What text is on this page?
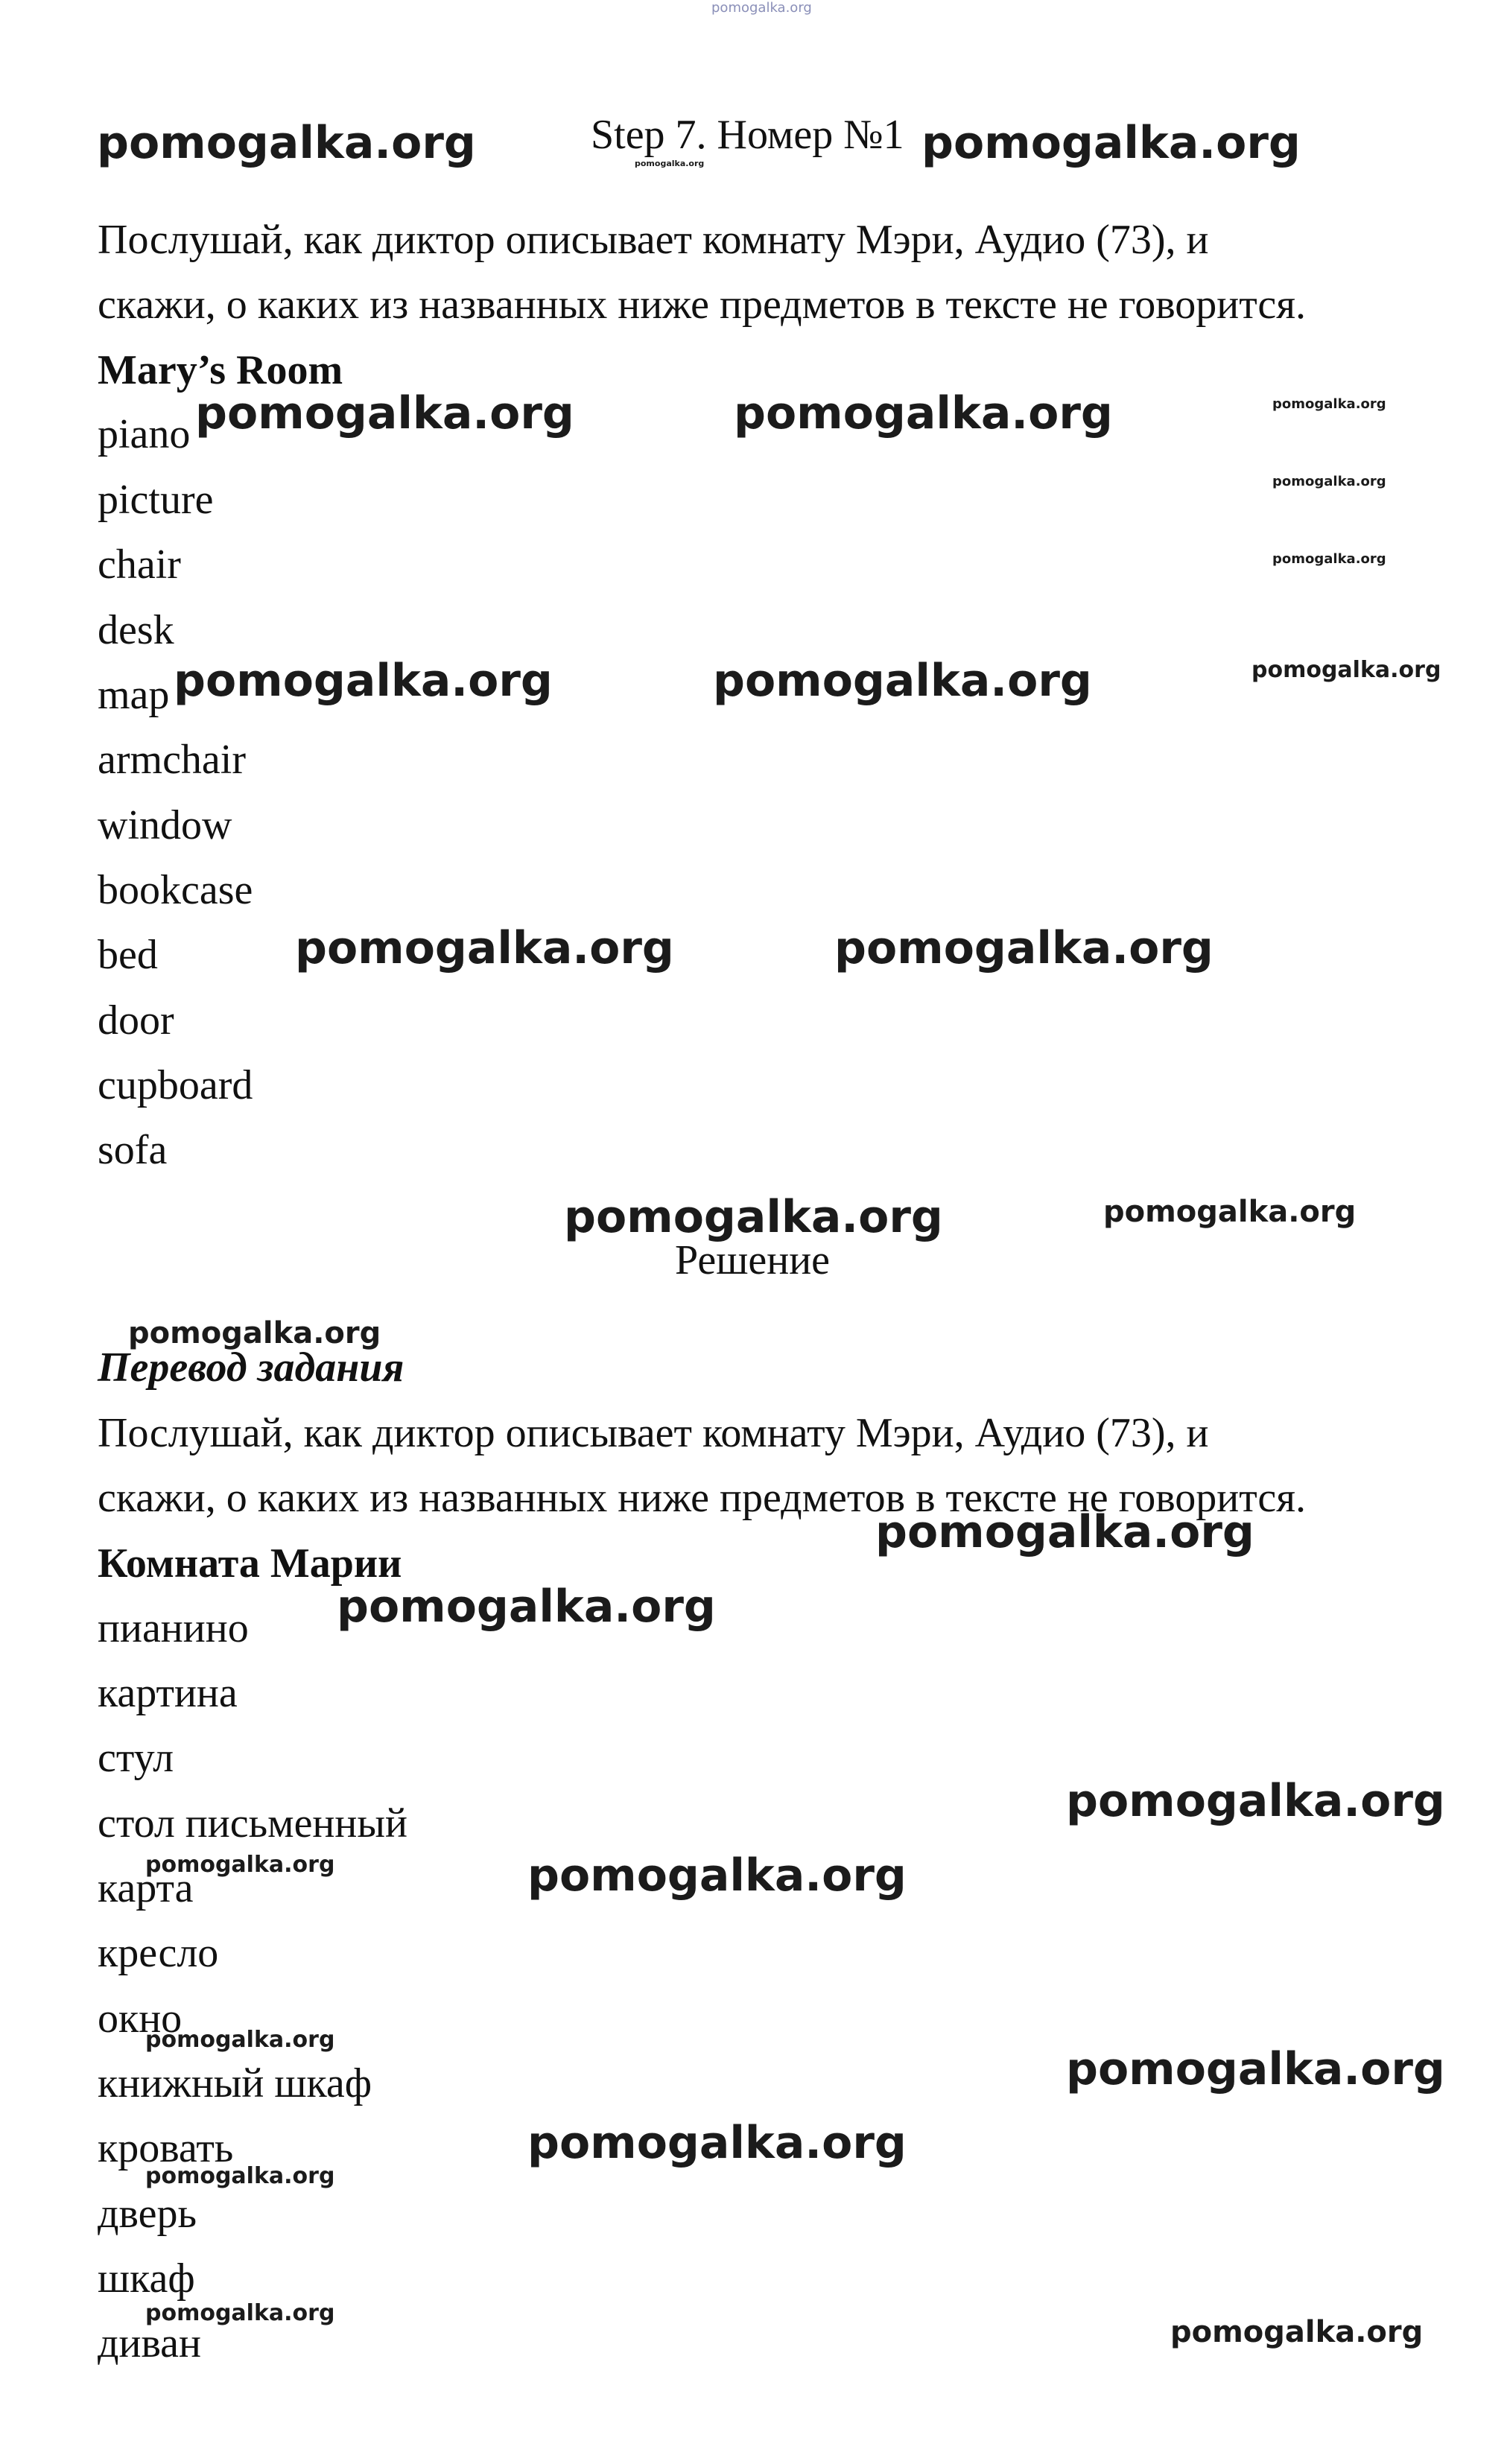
pomogalka.org
pomogalka.org	Step 7. Номер №1 pomogalka.org
pomogalka.org
Послушай, как диктор описывает комнату Мэри, Аудио (73), и
скажи, о каких из названных ниже предметов в тексте не говорится.
Mary’s Room
piano
picture
chair
desk
map
armchair
window
bookcase
bed
door
cupboard
sofa
pomogalka.org	pomogalka.org	pomogalka.org
pomogalka.org
pomogalka.org
pomogalka.org	pomogalka.org	pomogalka.org
pomogalka.org	pomogalka.org
pomogalka.org	pomogalka.org
Решение
pomogalka.org
Перевод задания
Послушай, как диктор описывает комнату Мэри, Аудио (73), и
скажи, о каких из названных ниже предметов в тексте не говорится.
pomogalka.org
Комната Марии
пианино
картина
стул
стол письменный
карта
кресло
окно
книжный шкаф
кровать
дверь
шкаф
диван
pomogalka.org
pomogalka.org
pomogalka.org	pomogalka.org
pomogalka.org
pomogalka.org
pomogalka.org
pomogalka.org
pomogalka.org
pomogalka.org
